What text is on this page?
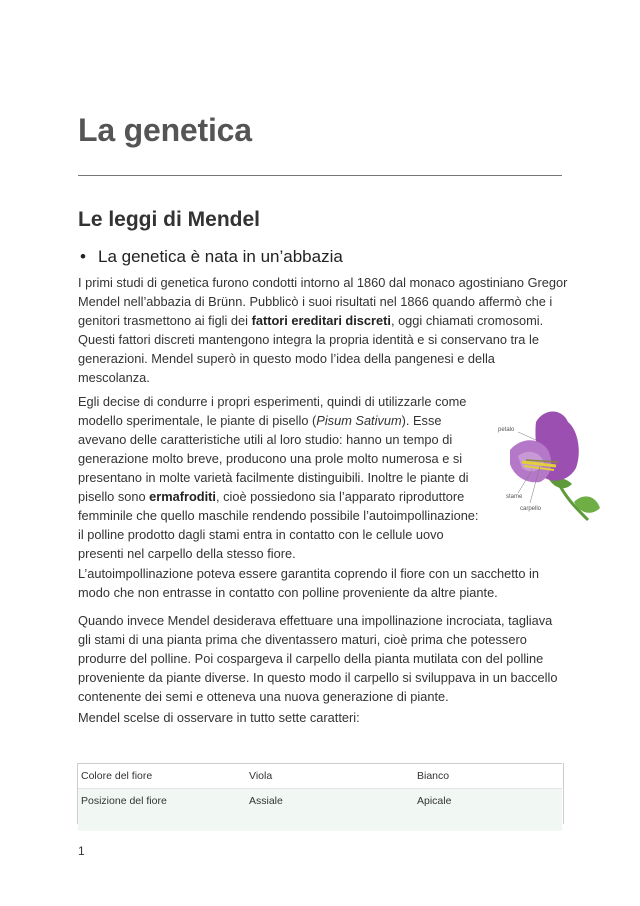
La genetica
Le leggi di Mendel

• La genetica è nata in un’abbazia

I primi studi di genetica furono condotti intorno al 1860 dal monaco agostiniano Gregor Mendel nell’abbazia di Brünn. Pubblicò i suoi risultati nel 1866 quando affermò che i genitori trasmettono ai figli dei fattori ereditari discreti, oggi chiamati cromosomi. Questi fattori discreti mantengono integra la propria identità e si conservano tra le generazioni. Mendel superò in questo modo l’idea della pangenesi e della mescolanza.

Egli decise di condurre i propri esperimenti, quindi di utilizzarle come modello sperimentale, le piante di pisello (Pisum Sativum). Esse avevano delle caratteristiche utili al loro studio: hanno un tempo di generazione molto breve, producono una prole molto numerosa e si presentano in molte varietà facilmente distinguibili. Inoltre le piante di pisello sono ermafroditi, cioè possiedono sia l’apparato riproduttore femminile che quello maschile rendendo possibile l’autoimpollinazione: il polline prodotto dagli stami entra in contatto con le cellule uovo presenti nel carpello della stesso fiore.

petalo
stame
carpello

L’autoimpollinazione poteva essere garantita coprendo il fiore con un sacchetto in modo che non entrasse in contatto con polline proveniente da altre piante.

Quando invece Mendel desiderava effettuare una impollinazione incrociata, tagliava gli stami di una pianta prima che diventassero maturi, cioè prima che potessero produrre del polline. Poi cospargeva il carpello della pianta mutilata con del polline proveniente da piante diverse. In questo modo il carpello si sviluppava in un baccello contenente dei semi e otteneva una nuova generazione di piante.

Mendel scelse di osservare in tutto sette caratteri:

Colore del fiore	Viola	Bianco
Posizione del fiore	Assiale	Apicale
1
